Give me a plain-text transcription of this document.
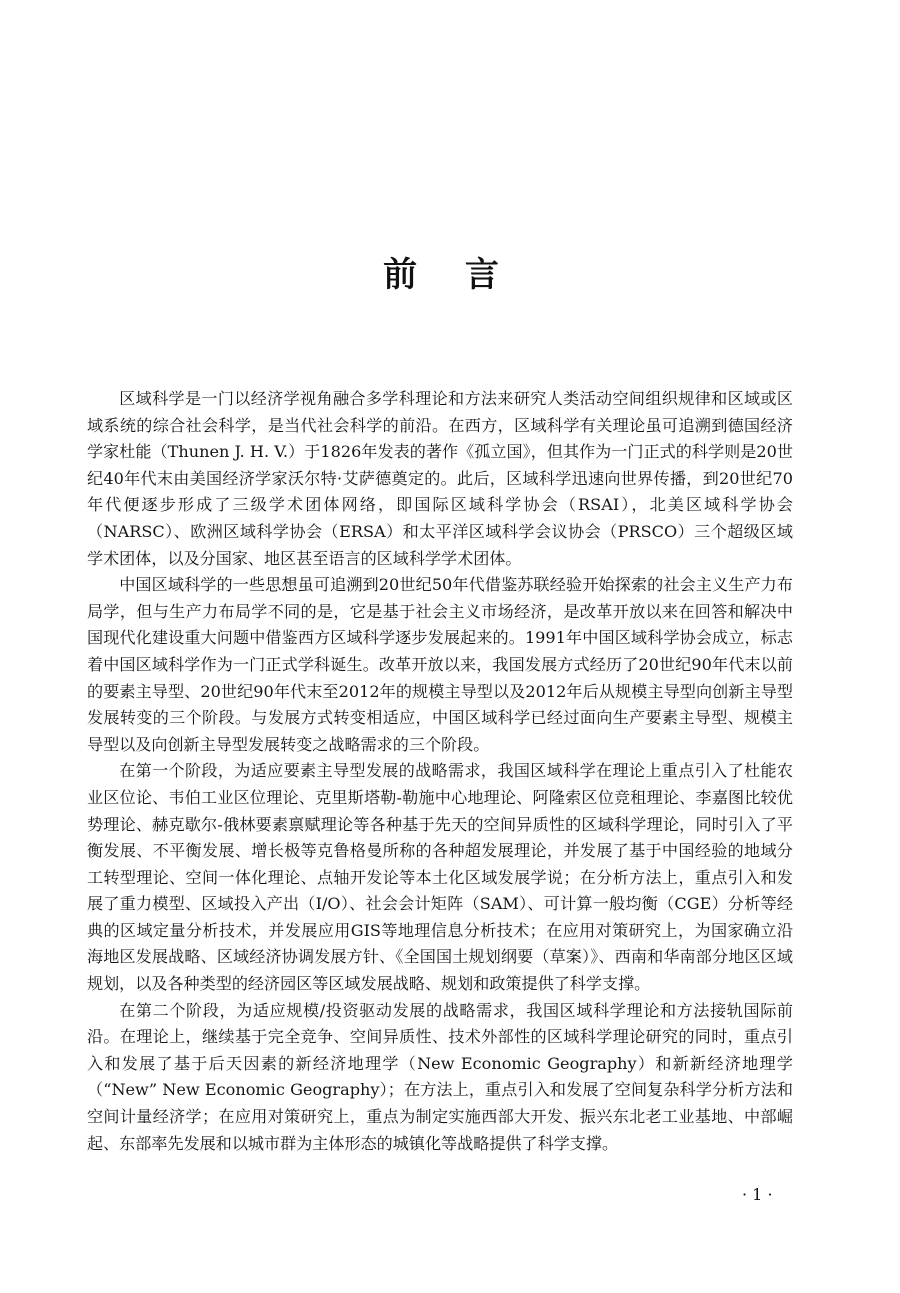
前 言

区域科学是一门以经济学视角融合多学科理论和方法来研究人类活动空间组织规律和区域或区域系统的综合社会科学，是当代社会科学的前沿。在西方，区域科学有关理论虽可追溯到德国经济学家杜能（Thunen J. H. V.）于1826年发表的著作《孤立国》，但其作为一门正式的科学则是20世纪40年代末由美国经济学家沃尔特·艾萨德奠定的。此后，区域科学迅速向世界传播，到20世纪70年代便逐步形成了三级学术团体网络，即国际区域科学协会（RSAI），北美区域科学协会（NARSC）、欧洲区域科学协会（ERSA）和太平洋区域科学会议协会（PRSCO）三个超级区域学术团体，以及分国家、地区甚至语言的区域科学学术团体。

中国区域科学的一些思想虽可追溯到20世纪50年代借鉴苏联经验开始探索的社会主义生产力布局学，但与生产力布局学不同的是，它是基于社会主义市场经济，是改革开放以来在回答和解决中国现代化建设重大问题中借鉴西方区域科学逐步发展起来的。1991年中国区域科学协会成立，标志着中国区域科学作为一门正式学科诞生。改革开放以来，我国发展方式经历了20世纪90年代末以前的要素主导型、20世纪90年代末至2012年的规模主导型以及2012年后从规模主导型向创新主导型发展转变的三个阶段。与发展方式转变相适应，中国区域科学已经过面向生产要素主导型、规模主导型以及向创新主导型发展转变之战略需求的三个阶段。

在第一个阶段，为适应要素主导型发展的战略需求，我国区域科学在理论上重点引入了杜能农业区位论、韦伯工业区位理论、克里斯塔勒-勒施中心地理论、阿隆索区位竞租理论、李嘉图比较优势理论、赫克歇尔-俄林要素禀赋理论等各种基于先天的空间异质性的区域科学理论，同时引入了平衡发展、不平衡发展、增长极等克鲁格曼所称的各种超发展理论，并发展了基于中国经验的地域分工转型理论、空间一体化理论、点轴开发论等本土化区域发展学说；在分析方法上，重点引入和发展了重力模型、区域投入产出（I/O）、社会会计矩阵（SAM）、可计算一般均衡（CGE）分析等经典的区域定量分析技术，并发展应用GIS等地理信息分析技术；在应用对策研究上，为国家确立沿海地区发展战略、区域经济协调发展方针、《全国国土规划纲要（草案）》、西南和华南部分地区区域规划，以及各种类型的经济园区等区域发展战略、规划和政策提供了科学支撑。

在第二个阶段，为适应规模/投资驱动发展的战略需求，我国区域科学理论和方法接轨国际前沿。在理论上，继续基于完全竞争、空间异质性、技术外部性的区域科学理论研究的同时，重点引入和发展了基于后天因素的新经济地理学（New Economic Geography）和新新经济地理学（“New” New Economic Geography）；在方法上，重点引入和发展了空间复杂科学分析方法和空间计量经济学；在应用对策研究上，重点为制定实施西部大开发、振兴东北老工业基地、中部崛起、东部率先发展和以城市群为主体形态的城镇化等战略提供了科学支撑。

· 1 ·
